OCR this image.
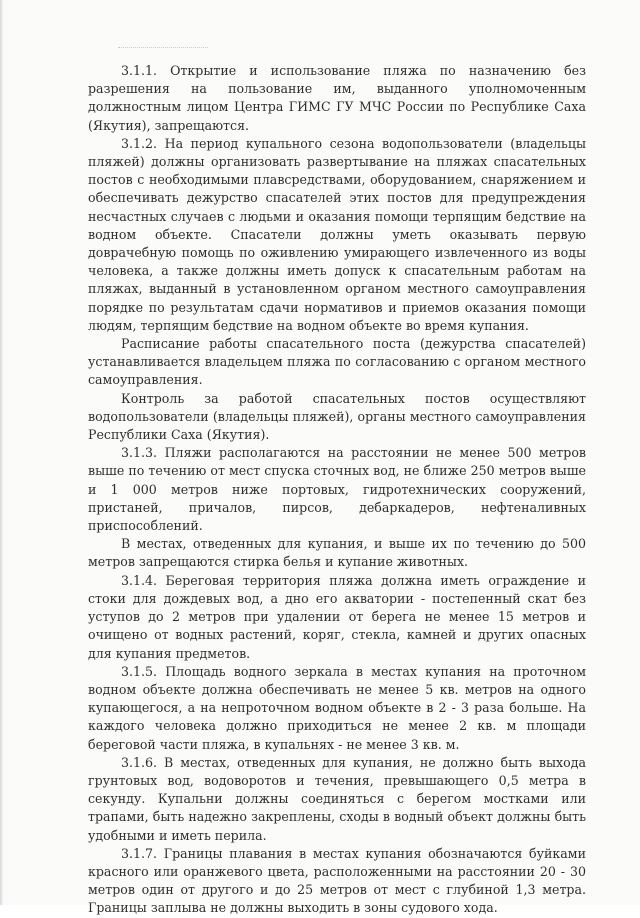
3.1.1. Открытие и использование пляжа по назначению без разрешения на пользование им, выданного уполномоченным должностным лицом Центра ГИМС ГУ МЧС России по Республике Саха (Якутия), запрещаются.

3.1.2. На период купального сезона водопользователи (владельцы пляжей) должны организовать развертывание на пляжах спасательных постов с необходимыми плавсредствами, оборудованием, снаряжением и обеспечивать дежурство спасателей этих постов для предупреждения несчастных случаев с людьми и оказания помощи терпящим бедствие на водном объекте. Спасатели должны уметь оказывать первую доврачебную помощь по оживлению умирающего извлеченного из воды человека, а также должны иметь допуск к спасательным работам на пляжах, выданный в установленном органом местного самоуправления порядке по результатам сдачи нормативов и приемов оказания помощи людям, терпящим бедствие на водном объекте во время купания.

Расписание работы спасательного поста (дежурства спасателей) устанавливается владельцем пляжа по согласованию с органом местного самоуправления.

Контроль за работой спасательных постов осуществляют водопользователи (владельцы пляжей), органы местного самоуправления Республики Саха (Якутия).

3.1.3. Пляжи располагаются на расстоянии не менее 500 метров выше по течению от мест спуска сточных вод, не ближе 250 метров выше и 1 000 метров ниже портовых, гидротехнических сооружений, пристаней, причалов, пирсов, дебаркадеров, нефтеналивных приспособлений.

В местах, отведенных для купания, и выше их по течению до 500 метров запрещаются стирка белья и купание животных.

3.1.4. Береговая территория пляжа должна иметь ограждение и стоки для дождевых вод, а дно его акватории - постепенный скат без уступов до 2 метров при удалении от берега не менее 15 метров и очищено от водных растений, коряг, стекла, камней и других опасных для купания предметов.

3.1.5. Площадь водного зеркала в местах купания на проточном водном объекте должна обеспечивать не менее 5 кв. метров на одного купающегося, а на непроточном водном объекте в 2 - 3 раза больше. На каждого человека должно приходиться не менее 2 кв. м площади береговой части пляжа, в купальнях - не менее 3 кв. м.

3.1.6. В местах, отведенных для купания, не должно быть выхода грунтовых вод, водоворотов и течения, превышающего 0,5 метра в секунду. Купальни должны соединяться с берегом мостками или трапами, быть надежно закреплены, сходы в водный объект должны быть удобными и иметь перила.

3.1.7. Границы плавания в местах купания обозначаются буйками красного или оранжевого цвета, расположенными на расстоянии 20 - 30 метров один от другого и до 25 метров от мест с глубиной 1,3 метра. Границы заплыва не должны выходить в зоны судового хода.
